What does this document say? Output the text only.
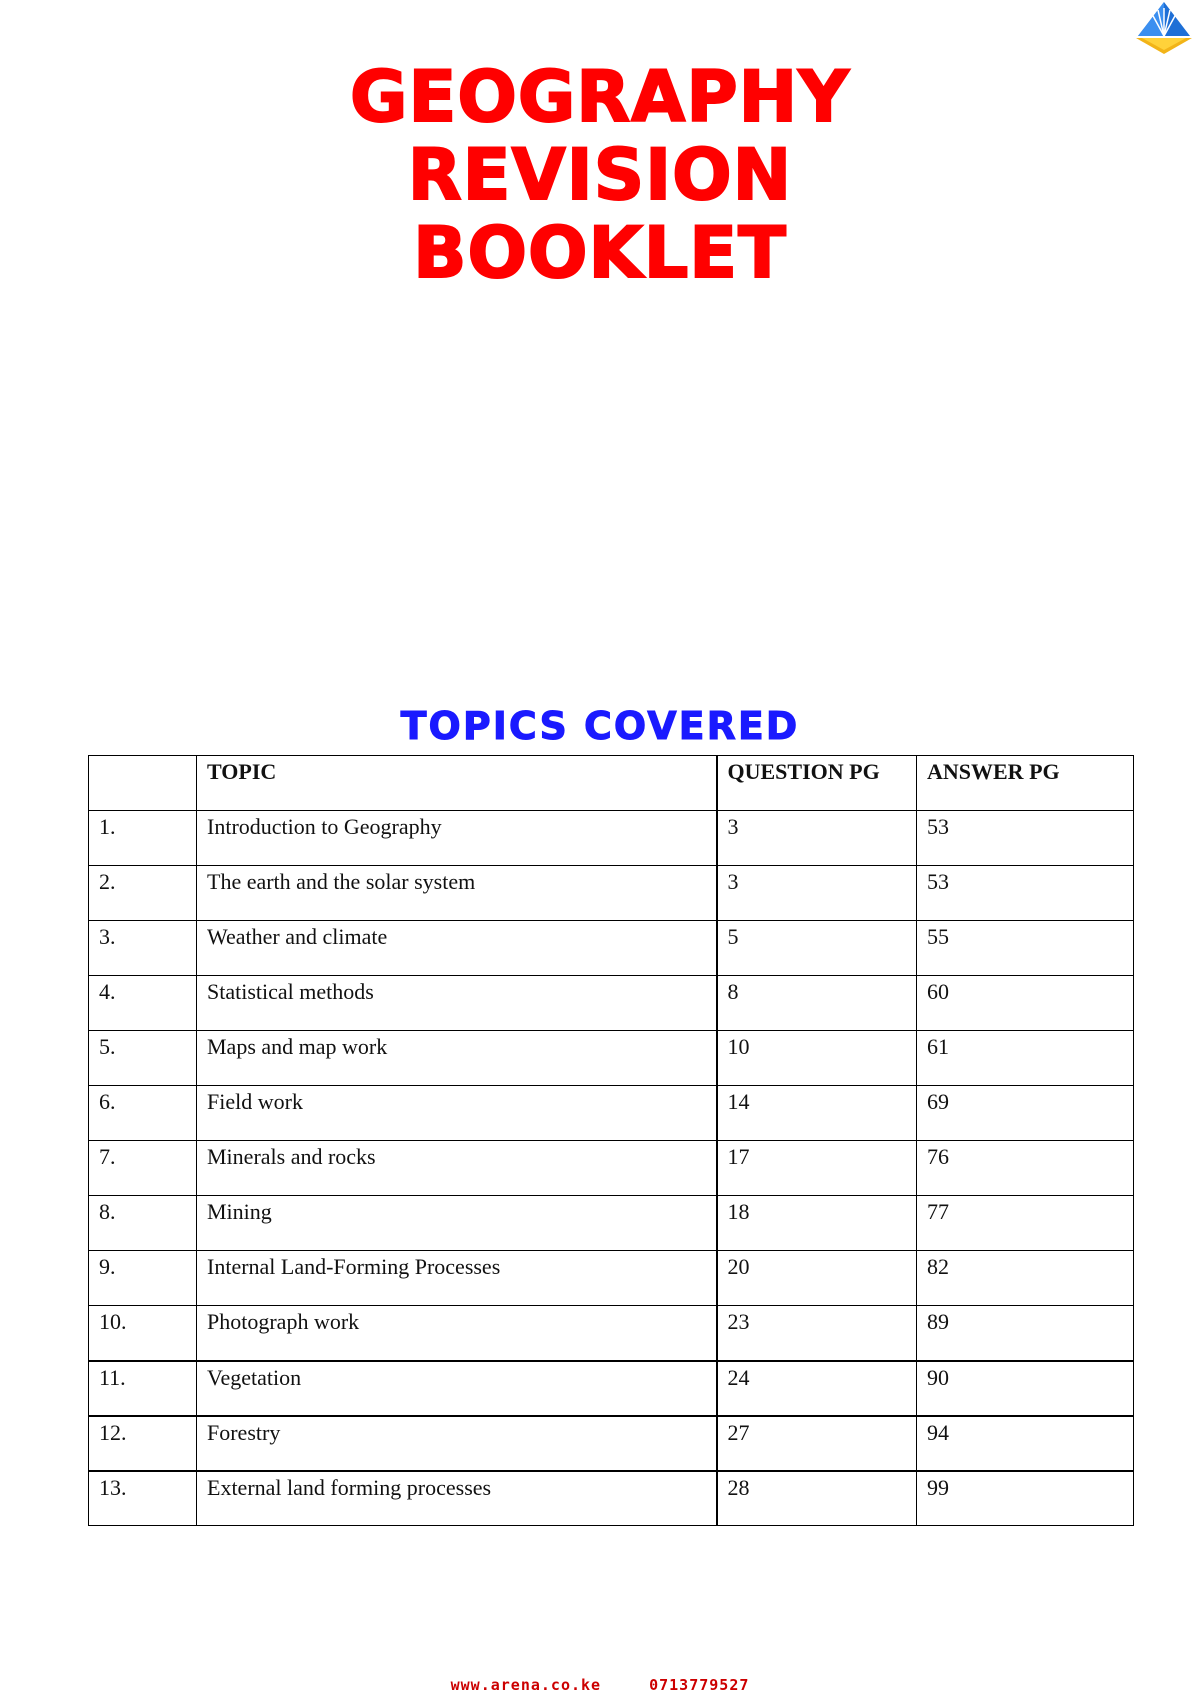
GEOGRAPHY REVISION
BOOKLET
TOPICS COVERED
	TOPIC	QUESTION PG	ANSWER PG
1.	Introduction to Geography	3	53
2.	The earth and the solar system	3	53
3.	Weather and climate	5	55
4.	Statistical methods	8	60
5.	Maps and map work	10	61
6.	Field work	14	69
7.	Minerals and rocks	17	76
8.	Mining	18	77
9.	Internal Land-Forming Processes	20	82
10.	Photograph work	23	89
11.	Vegetation	24	90
12.	Forestry	27	94
13.	External land forming processes	28	99
www.arena.co.ke	0713779527
